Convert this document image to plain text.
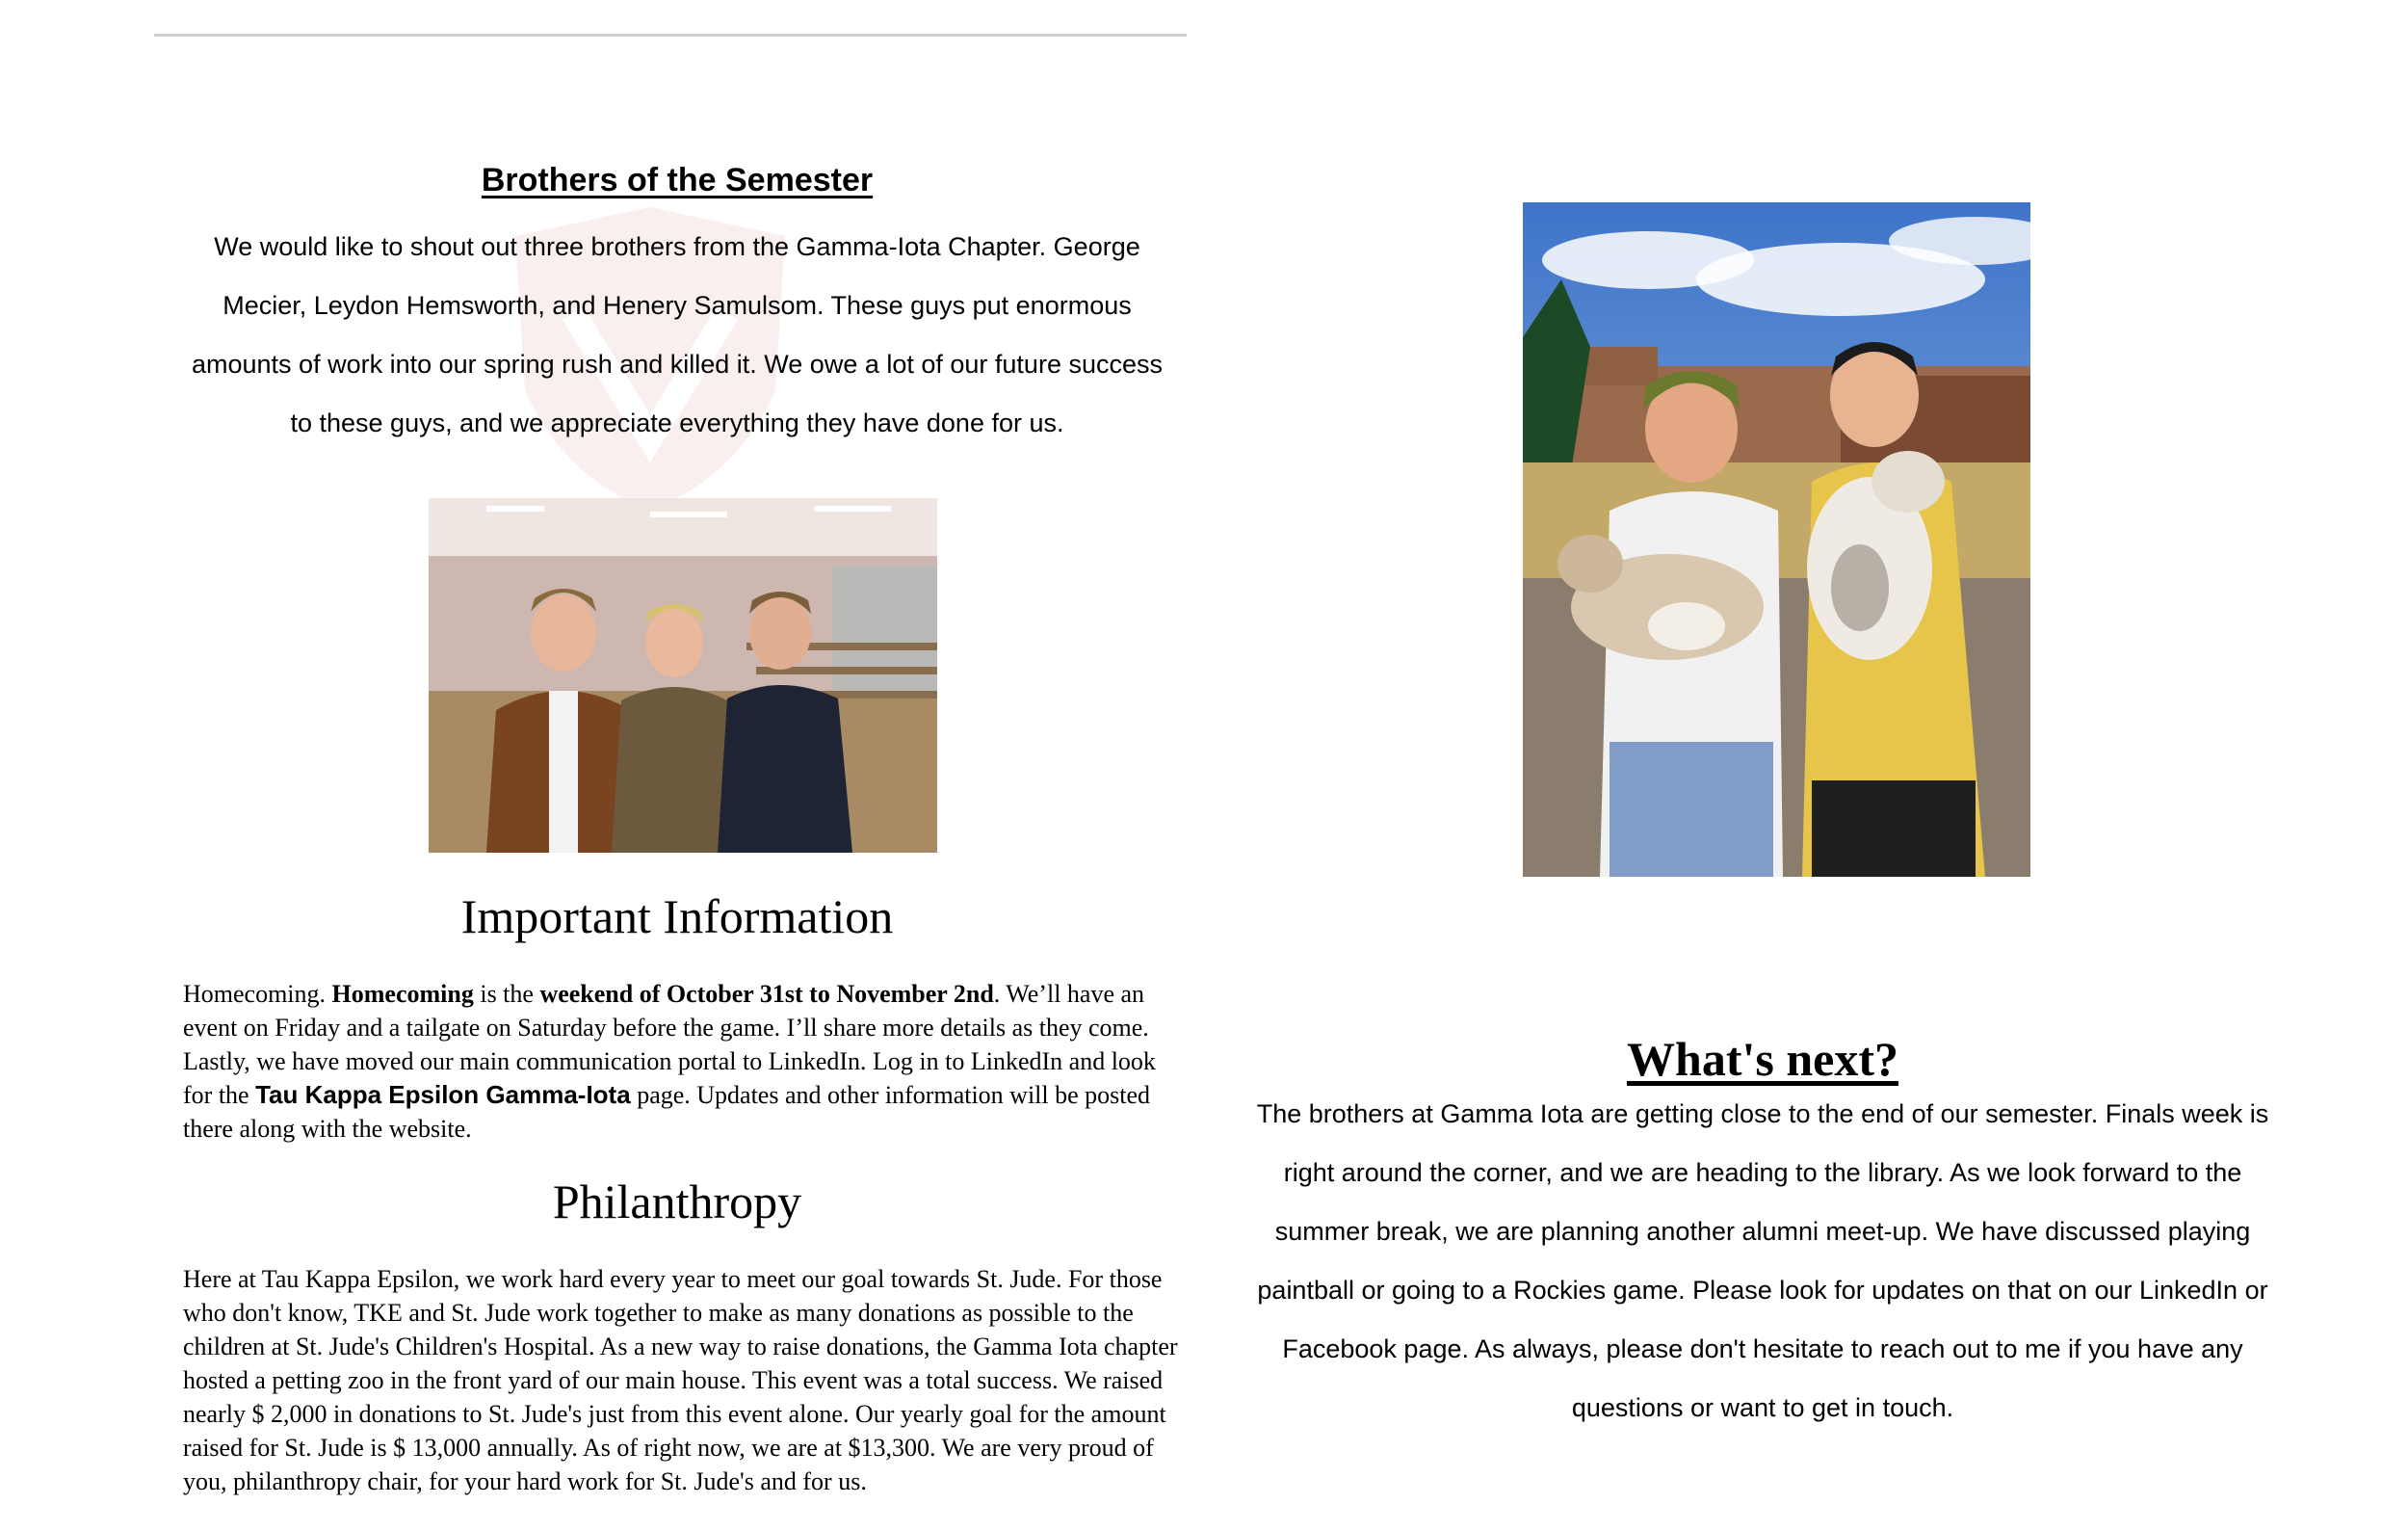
Brothers of the Semester

We would like to shout out three brothers from the Gamma-Iota Chapter. George Mecier, Leydon Hemsworth, and Henery Samulsom. These guys put enormous amounts of work into our spring rush and killed it. We owe a lot of our future success to these guys, and we appreciate everything they have done for us.

Important Information

Homecoming. Homecoming is the weekend of October 31st to November 2nd. We’ll have an event on Friday and a tailgate on Saturday before the game. I’ll share more details as they come. Lastly, we have moved our main communication portal to LinkedIn. Log in to LinkedIn and look for the Tau Kappa Epsilon Gamma-Iota page. Updates and other information will be posted there along with the website.

Philanthropy

Here at Tau Kappa Epsilon, we work hard every year to meet our goal towards St. Jude. For those who don't know, TKE and St. Jude work together to make as many donations as possible to the children at St. Jude's Children's Hospital. As a new way to raise donations, the Gamma Iota chapter hosted a petting zoo in the front yard of our main house. This event was a total success. We raised nearly $ 2,000 in donations to St. Jude's just from this event alone. Our yearly goal for the amount raised for St. Jude is $ 13,000 annually. As of right now, we are at $13,300. We are very proud of you, philanthropy chair, for your hard work for St. Jude's and for us.

What's next?

The brothers at Gamma Iota are getting close to the end of our semester. Finals week is right around the corner, and we are heading to the library. As we look forward to the summer break, we are planning another alumni meet-up. We have discussed playing paintball or going to a Rockies game. Please look for updates on that on our LinkedIn or Facebook page. As always, please don't hesitate to reach out to me if you have any questions or want to get in touch.
